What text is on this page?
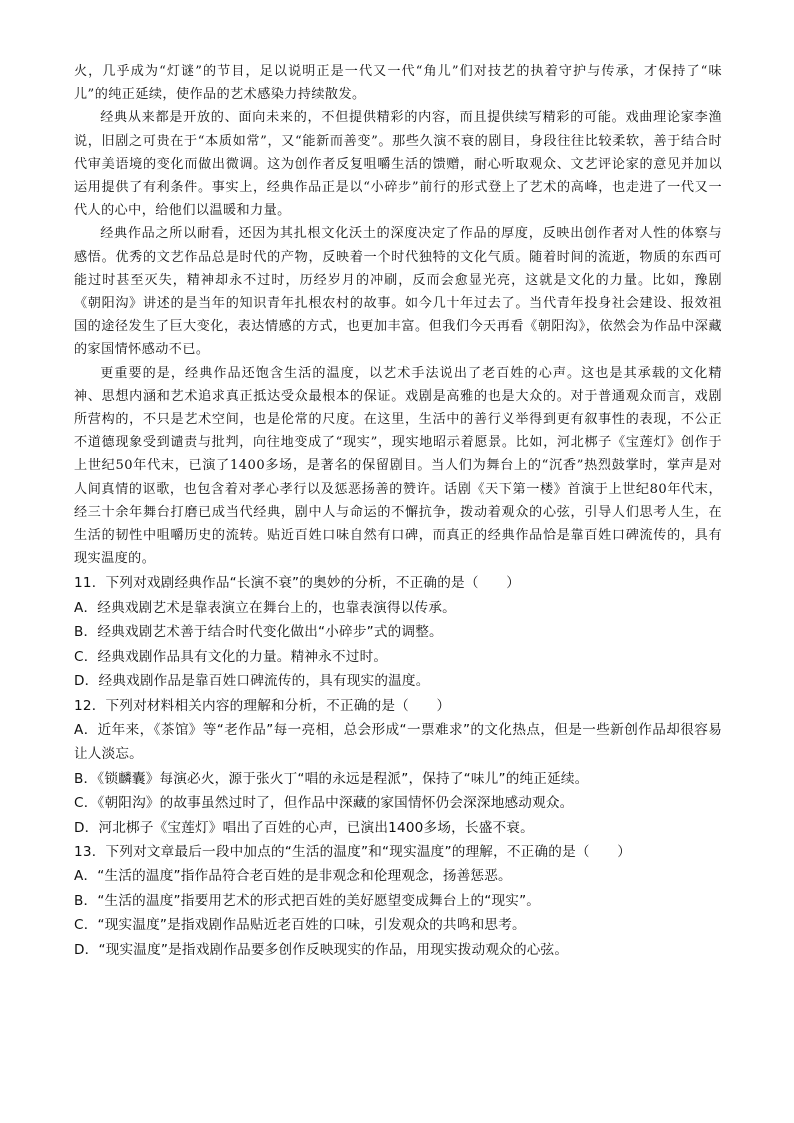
火，几乎成为“灯谜”的节目，足以说明正是一代又一代“角儿”们对技艺的执着守护与传承，才保持了“味儿”的纯正延续，使作品的艺术感染力持续散发。

经典从来都是开放的、面向未来的，不但提供精彩的内容，而且提供续写精彩的可能。戏曲理论家李渔说，旧剧之可贵在于“本质如常”，又“能新而善变”。那些久演不衰的剧目，身段往往比较柔软，善于结合时代审美语境的变化而做出微调。这为创作者反复咀嚼生活的馈赠，耐心听取观众、文艺评论家的意见并加以运用提供了有利条件。事实上，经典作品正是以“小碎步”前行的形式登上了艺术的高峰，也走进了一代又一代人的心中，给他们以温暖和力量。

经典作品之所以耐看，还因为其扎根文化沃土的深度决定了作品的厚度，反映出创作者对人性的体察与感悟。优秀的文艺作品总是时代的产物，反映着一个时代独特的文化气质。随着时间的流逝，物质的东西可能过时甚至灭失，精神却永不过时，历经岁月的冲刷，反而会愈显光亮，这就是文化的力量。比如，豫剧《朝阳沟》讲述的是当年的知识青年扎根农村的故事。如今几十年过去了。当代青年投身社会建设、报效祖国的途径发生了巨大变化，表达情感的方式，也更加丰富。但我们今天再看《朝阳沟》，依然会为作品中深藏的家国情怀感动不已。

更重要的是，经典作品还饱含生活的温度，以艺术手法说出了老百姓的心声。这也是其承载的文化精神、思想内涵和艺术追求真正抵达受众最根本的保证。戏剧是高雅的也是大众的。对于普通观众而言，戏剧所营构的，不只是艺术空间，也是伦常的尺度。在这里，生活中的善行义举得到更有叙事性的表现，不公正不道德现象受到谴责与批判，向往地变成了“现实”，现实地昭示着愿景。比如，河北梆子《宝莲灯》创作于上世纪50年代末，已演了1400多场，是著名的保留剧目。当人们为舞台上的“沉香”热烈鼓掌时，掌声是对人间真情的讴歌，也包含着对孝心孝行以及惩恶扬善的赞许。话剧《天下第一楼》首演于上世纪80年代末，经三十余年舞台打磨已成当代经典，剧中人与命运的不懈抗争，拨动着观众的心弦，引导人们思考人生，在生活的韧性中咀嚼历史的流转。贴近百姓口味自然有口碑，而真正的经典作品恰是靠百姓口碑流传的，具有现实温度的。

11．下列对戏剧经典作品“长演不衰”的奥妙的分析，不正确的是（　　）

A．经典戏剧艺术是靠表演立在舞台上的，也靠表演得以传承。

B．经典戏剧艺术善于结合时代变化做出“小碎步”式的调整。

C．经典戏剧作品具有文化的力量。精神永不过时。

D．经典戏剧作品是靠百姓口碑流传的，具有现实的温度。

12．下列对材料相关内容的理解和分析，不正确的是（　　）

A．近年来，《茶馆》等“老作品”每一亮相，总会形成“一票难求”的文化热点，但是一些新创作品却很容易让人淡忘。

B．《锁麟囊》每演必火，源于张火丁“唱的永远是程派”，保持了“味儿”的纯正延续。

C．《朝阳沟》的故事虽然过时了，但作品中深藏的家国情怀仍会深深地感动观众。

D．河北梆子《宝莲灯》唱出了百姓的心声，已演出1400多场，长盛不衰。

13．下列对文章最后一段中加点的“生活的温度”和“现实温度”的理解，不正确的是（　　）

A．“生活的温度”指作品符合老百姓的是非观念和伦理观念，扬善惩恶。

B．“生活的温度”指要用艺术的形式把百姓的美好愿望变成舞台上的“现实”。

C．“现实温度”是指戏剧作品贴近老百姓的口味，引发观众的共鸣和思考。

D．“现实温度”是指戏剧作品要多创作反映现实的作品，用现实拨动观众的心弦。
